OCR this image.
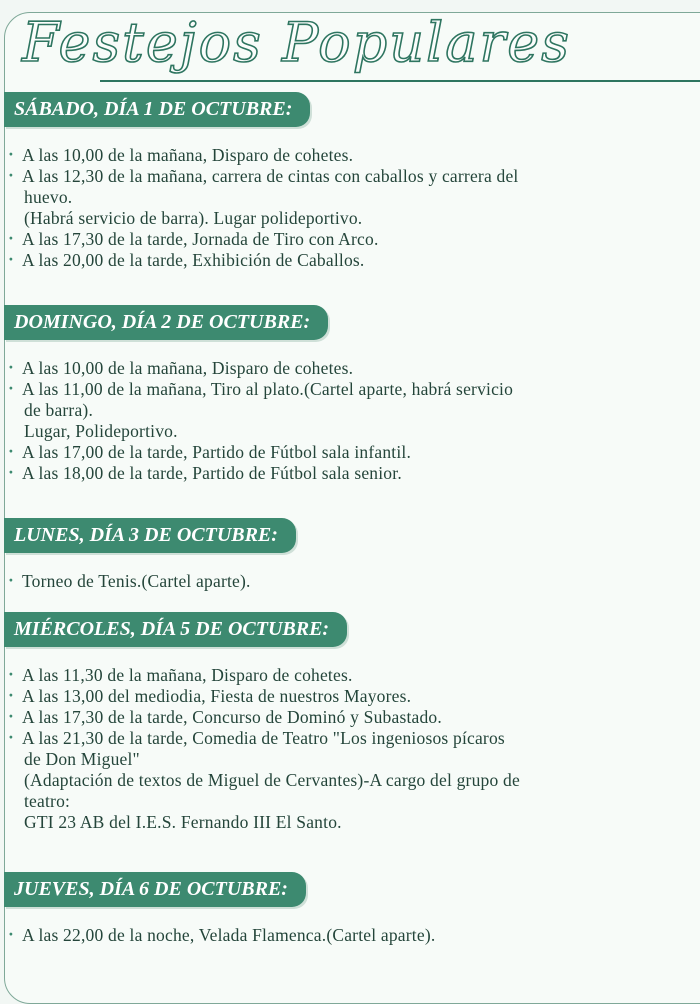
Festejos Populares
SÁBADO, DÍA 1 DE OCTUBRE:
· A las 10,00 de la mañana, Disparo de cohetes.
· A las 12,30 de la mañana, carrera de cintas con caballos y carrera del
huevo.
(Habrá servicio de barra). Lugar polideportivo.
· A las 17,30 de la tarde, Jornada de Tiro con Arco.
· A las 20,00 de la tarde, Exhibición de Caballos.
DOMINGO, DÍA 2 DE OCTUBRE:
· A las 10,00 de la mañana, Disparo de cohetes.
· A las 11,00 de la mañana, Tiro al plato.(Cartel aparte, habrá servicio
de barra).
Lugar, Polideportivo.
· A las 17,00 de la tarde, Partido de Fútbol sala infantil.
· A las 18,00 de la tarde, Partido de Fútbol sala senior.
LUNES, DÍA 3 DE OCTUBRE:
· Torneo de Tenis.(Cartel aparte).
MIÉRCOLES, DÍA 5 DE OCTUBRE:
· A las 11,30 de la mañana, Disparo de cohetes.
· A las 13,00 del mediodia, Fiesta de nuestros Mayores.
· A las 17,30 de la tarde, Concurso de Dominó y Subastado.
· A las 21,30 de la tarde, Comedia de Teatro "Los ingeniosos pícaros
de Don Miguel"
(Adaptación de textos de Miguel de Cervantes)-A cargo del grupo de
teatro:
GTI 23 AB del I.E.S. Fernando III El Santo.
JUEVES, DÍA 6 DE OCTUBRE:
· A las 22,00 de la noche, Velada Flamenca.(Cartel aparte).
